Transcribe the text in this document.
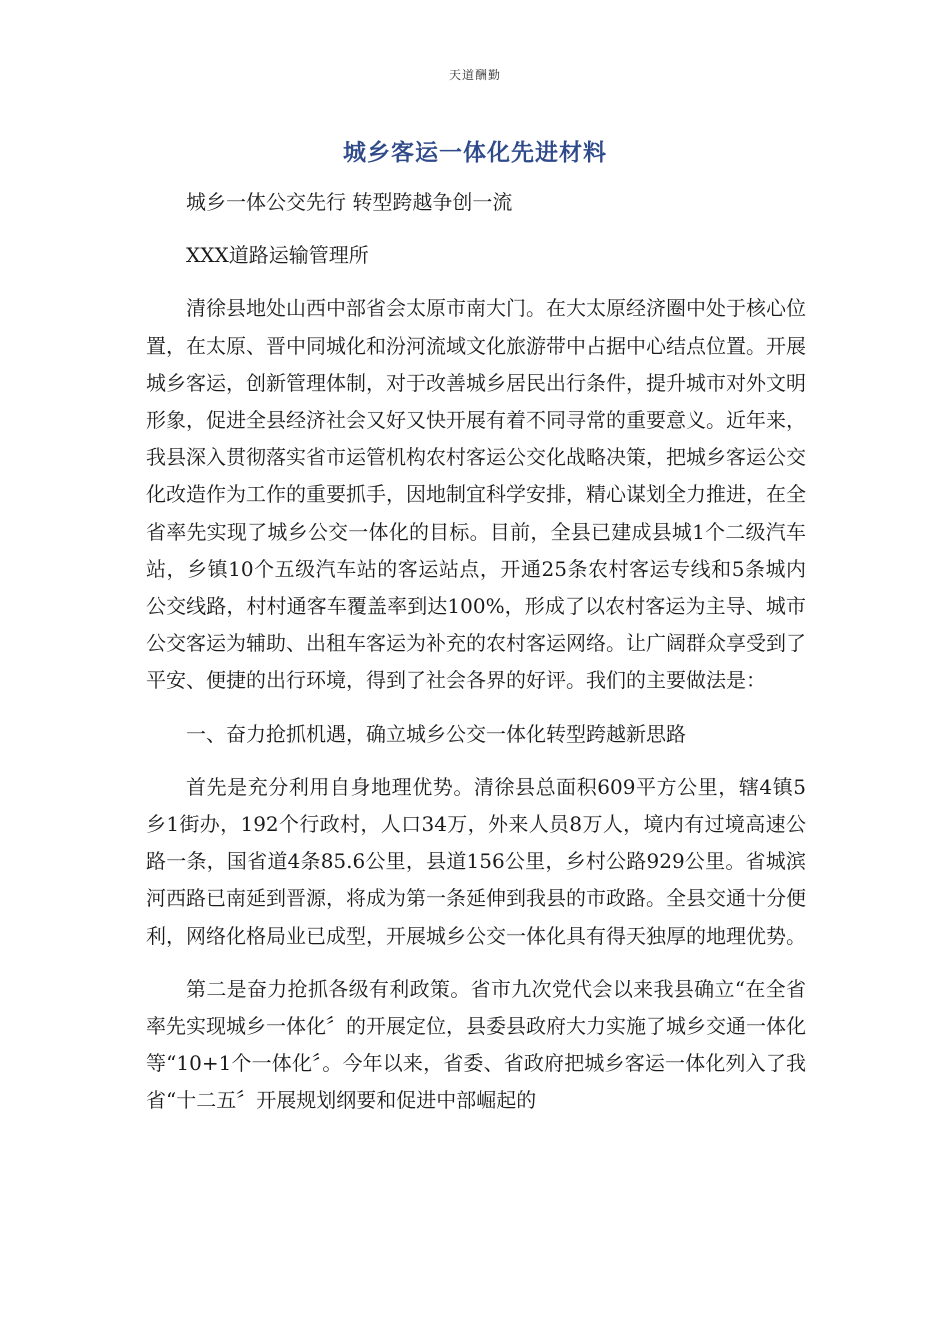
天道酬勤
城乡客运一体化先进材料

城乡一体公交先行 转型跨越争创一流

XXX道路运输管理所

清徐县地处山西中部省会太原市南大门。在大太原经济圈中处于核心位置，在太原、晋中同城化和汾河流域文化旅游带中占据中心结点位置。开展城乡客运，创新管理体制，对于改善城乡居民出行条件，提升城市对外文明形象，促进全县经济社会又好又快开展有着不同寻常的重要意义。近年来，我县深入贯彻落实省市运管机构农村客运公交化战略决策，把城乡客运公交化改造作为工作的重要抓手，因地制宜科学安排，精心谋划全力推进，在全省率先实现了城乡公交一体化的目标。目前，全县已建成县城1个二级汽车站，乡镇10个五级汽车站的客运站点，开通25条农村客运专线和5条城内公交线路，村村通客车覆盖率到达100%，形成了以农村客运为主导、城市公交客运为辅助、出租车客运为补充的农村客运网络。让广阔群众享受到了平安、便捷的出行环境，得到了社会各界的好评。我们的主要做法是：

一、奋力抢抓机遇，确立城乡公交一体化转型跨越新思路

首先是充分利用自身地理优势。清徐县总面积609平方公里，辖4镇5乡1街办，192个行政村，人口34万，外来人员8万人，境内有过境高速公路一条，国省道4条85.6公里，县道156公里，乡村公路929公里。省城滨河西路已南延到晋源，将成为第一条延伸到我县的市政路。全县交通十分便利，网络化格局业已成型，开展城乡公交一体化具有得天独厚的地理优势。

第二是奋力抢抓各级有利政策。省市九次党代会以来我县确立“在全省率先实现城乡一体化〞的开展定位，县委县政府大力实施了城乡交通一体化等“10+1个一体化〞。今年以来，省委、省政府把城乡客运一体化列入了我省“十二五〞开展规划纲要和促进中部崛起的
